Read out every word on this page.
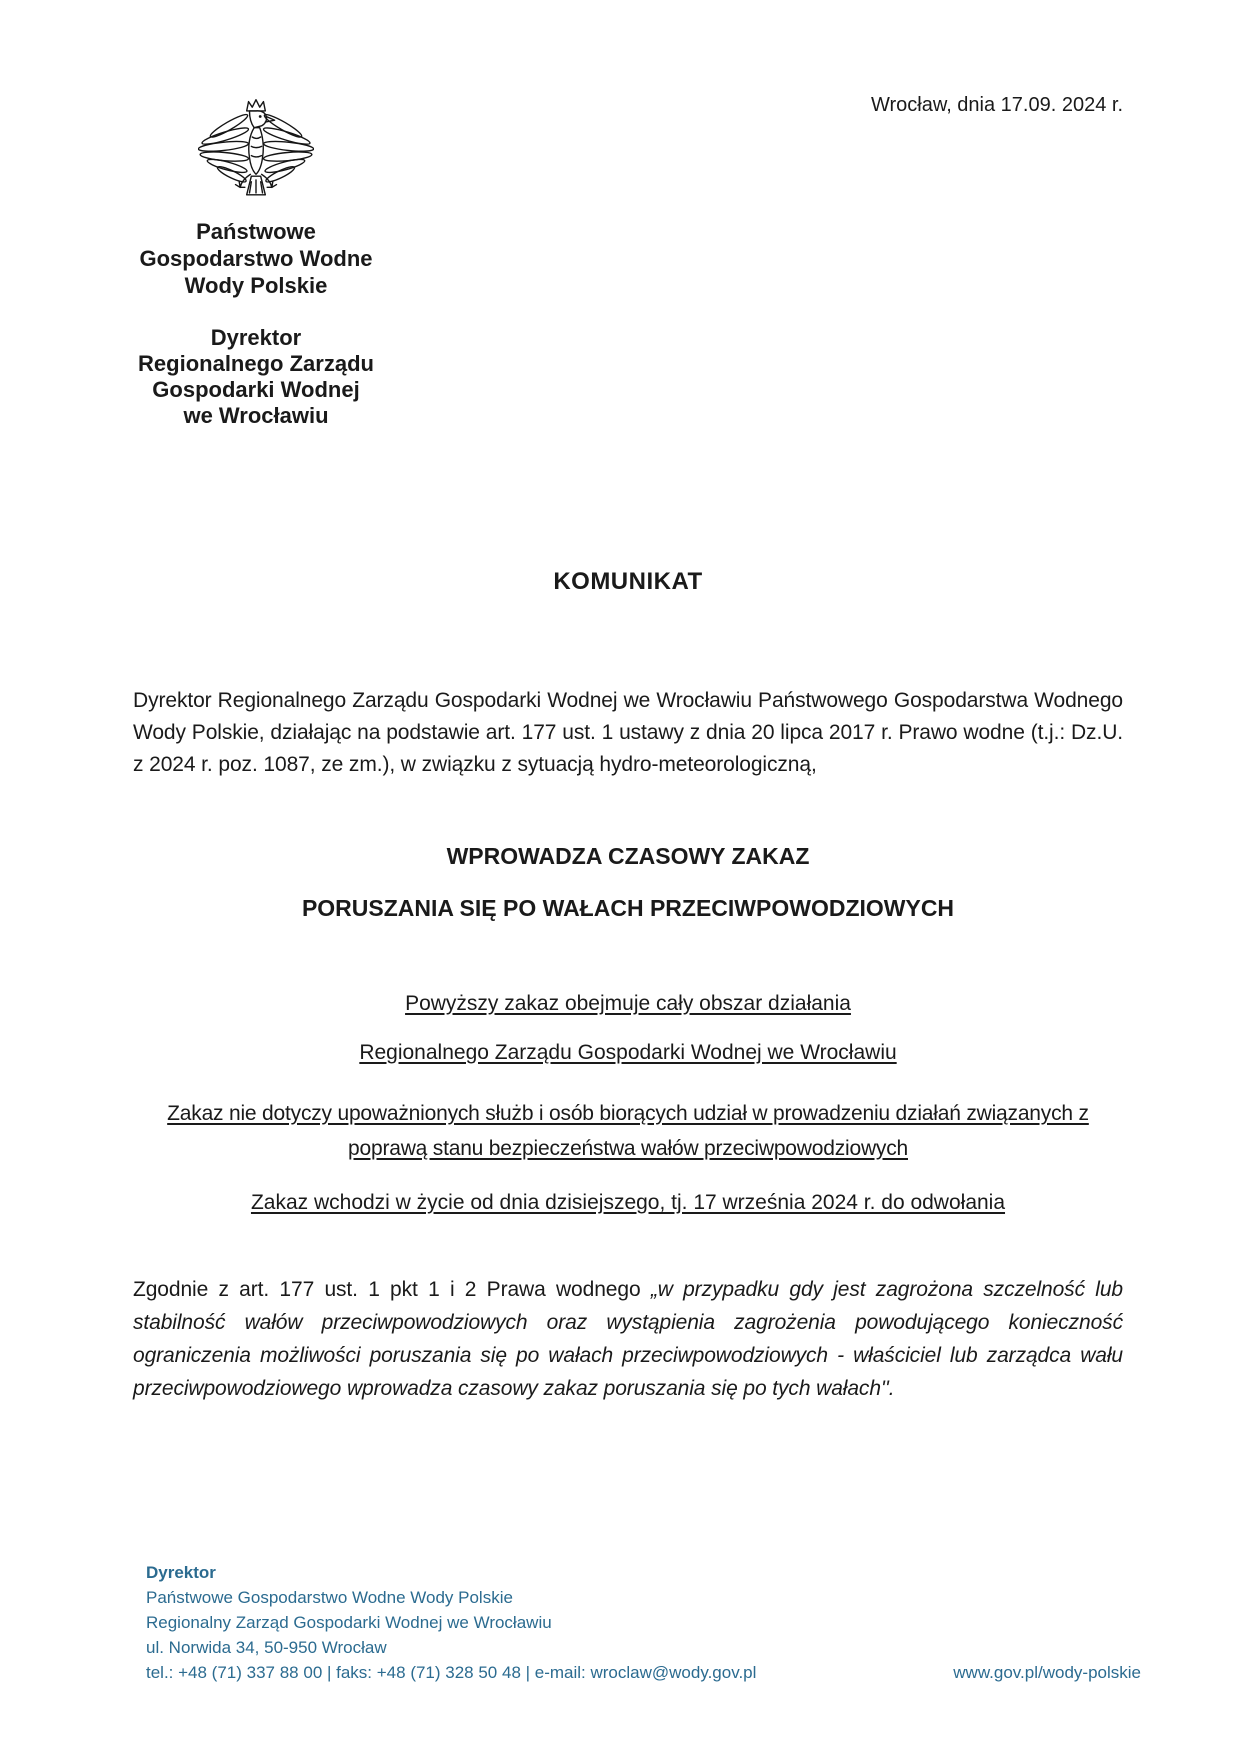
Wrocław, dnia 17.09. 2024 r.
Państwowe
Gospodarstwo Wodne
Wody Polskie
Dyrektor
Regionalnego Zarządu
Gospodarki Wodnej
we Wrocławiu
KOMUNIKAT

Dyrektor Regionalnego Zarządu Gospodarki Wodnej we Wrocławiu Państwowego Gospodarstwa Wodnego Wody Polskie, działając na podstawie art. 177 ust. 1 ustawy z dnia 20 lipca 2017 r. Prawo wodne (t.j.: Dz.U. z 2024 r. poz. 1087, ze zm.), w związku z sytuacją hydro-meteorologiczną,

WPROWADZA CZASOWY ZAKAZ
PORUSZANIA SIĘ PO WAŁACH PRZECIWPOWODZIOWYCH

Powyższy zakaz obejmuje cały obszar działania

Regionalnego Zarządu Gospodarki Wodnej we Wrocławiu

Zakaz nie dotyczy upoważnionych służb i osób biorących udział w prowadzeniu działań związanych z
poprawą stanu bezpieczeństwa wałów przeciwpowodziowych

Zakaz wchodzi w życie od dnia dzisiejszego, tj. 17 września 2024 r. do odwołania

Zgodnie z art. 177 ust. 1 pkt 1 i 2 Prawa wodnego „w przypadku gdy jest zagrożona szczelność lub stabilność wałów przeciwpowodziowych oraz wystąpienia zagrożenia powodującego konieczność ograniczenia możliwości poruszania się po wałach przeciwpowodziowych - właściciel lub zarządca wału przeciwpowodziowego wprowadza czasowy zakaz poruszania się po tych wałach''.

Dyrektor
Państwowe Gospodarstwo Wodne Wody Polskie
Regionalny Zarząd Gospodarki Wodnej we Wrocławiu
ul. Norwida 34, 50-950 Wrocław
tel.: +48 (71) 337 88 00 | faks: +48 (71) 328 50 48 | e-mail: wroclaw@wody.gov.pl	www.gov.pl/wody-polskie
